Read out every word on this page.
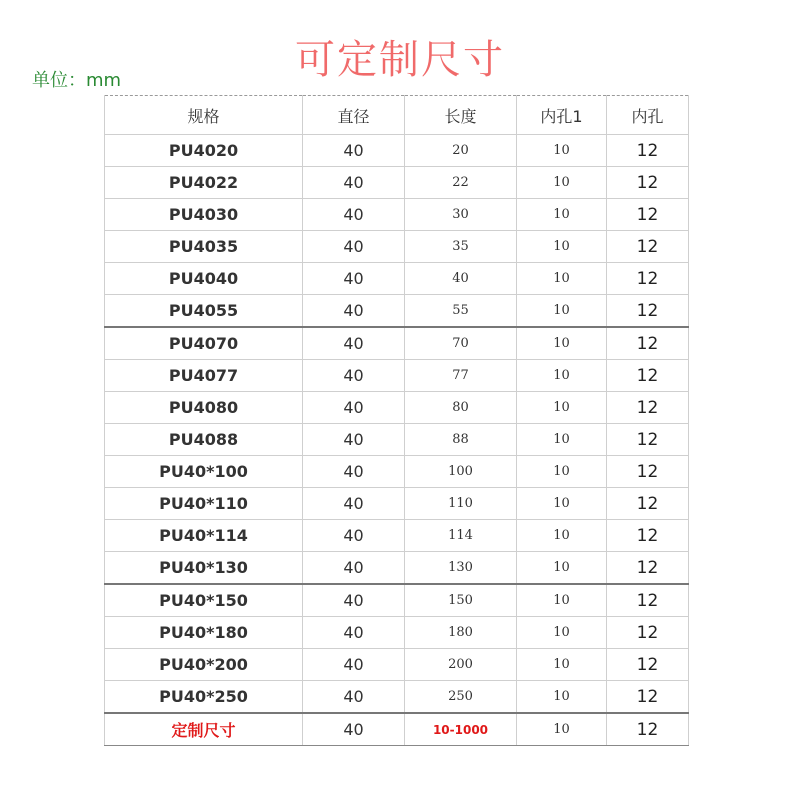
可定制尺寸
单位：mm
规格	直径	长度	内孔1	内孔
PU4020	40	20	10	12
PU4022	40	22	10	12
PU4030	40	30	10	12
PU4035	40	35	10	12
PU4040	40	40	10	12
PU4055	40	55	10	12
PU4070	40	70	10	12
PU4077	40	77	10	12
PU4080	40	80	10	12
PU4088	40	88	10	12
PU40*100	40	100	10	12
PU40*110	40	110	10	12
PU40*114	40	114	10	12
PU40*130	40	130	10	12
PU40*150	40	150	10	12
PU40*180	40	180	10	12
PU40*200	40	200	10	12
PU40*250	40	250	10	12
定制尺寸	40	10-1000	10	12
